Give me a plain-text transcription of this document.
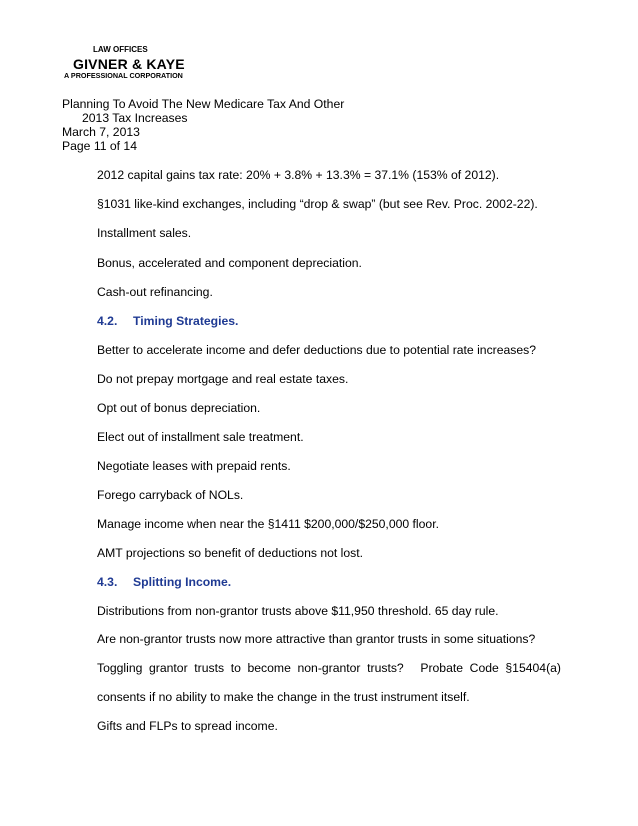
LAW OFFICES
GIVNER & KAYE
A PROFESSIONAL CORPORATION
Planning To Avoid The New Medicare Tax And Other
2013 Tax Increases
March 7, 2013
Page 11 of 14
2012 capital gains tax rate: 20% + 3.8% + 13.3% = 37.1% (153% of 2012).
§1031 like-kind exchanges, including “drop & swap” (but see Rev. Proc. 2002-22).
Installment sales.
Bonus, accelerated and component depreciation.
Cash-out refinancing.
4.2. Timing Strategies.
Better to accelerate income and defer deductions due to potential rate increases?
Do not prepay mortgage and real estate taxes.
Opt out of bonus depreciation.
Elect out of installment sale treatment.
Negotiate leases with prepaid rents.
Forego carryback of NOLs.
Manage income when near the §1411 $200,000/$250,000 floor.
AMT projections so benefit of deductions not lost.
4.3. Splitting Income.
Distributions from non-grantor trusts above $11,950 threshold. 65 day rule.
Are non-grantor trusts now more attractive than grantor trusts in some situations?
Toggling grantor trusts to become non-grantor trusts? Probate Code §15404(a)
consents if no ability to make the change in the trust instrument itself.
Gifts and FLPs to spread income.
